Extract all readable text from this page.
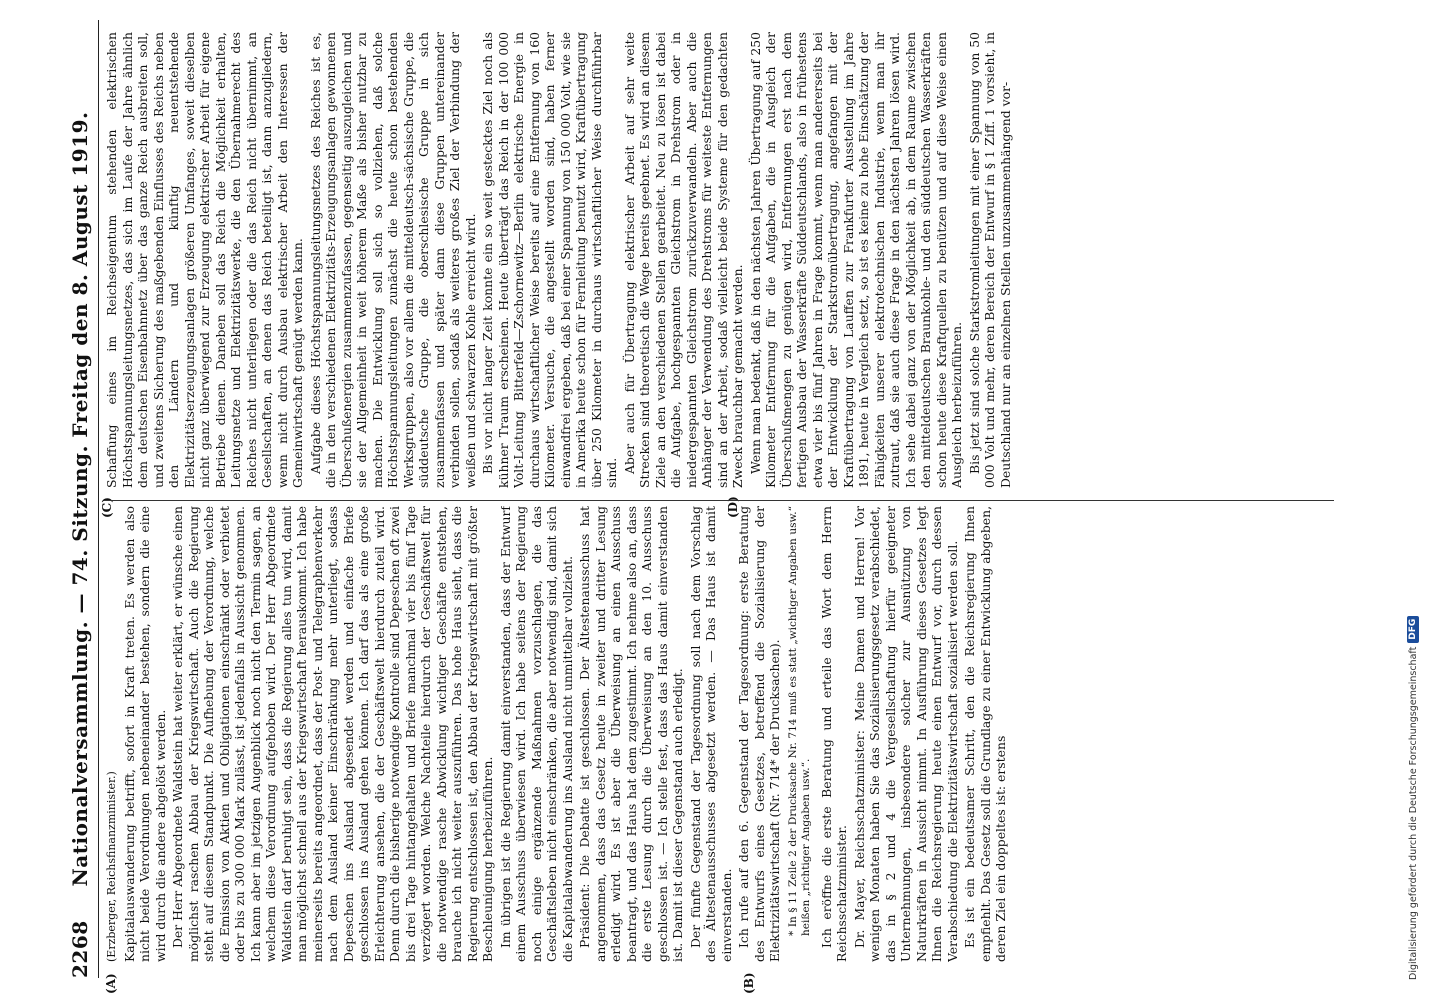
2268
Nationalversammlung. — 74. Sitzung. Freitag den 8. August 1919.
(A)	(B)
(C)	(D)

(Erzberger, Reichsfinanzminister.) Kapitalauswanderung betrifft, sofort in Kraft treten. Es werden also nicht beide Verordnungen nebeneinander bestehen, sondern die eine wird durch die andere abgelöst werden. Der Herr Abgeordnete Waldstein hat weiter erklärt, er wünsche einen möglichst raschen Abbau der Kriegswirtschaft. Auch die Regierung steht auf diesem Standpunkt. Die Aufhebung der Verordnung, welche die Emission von Aktien und Obligationen einschränkt oder verbietet oder bis zu 300 000 Mark zulässt, ist jedenfalls in Aussicht genommen. Ich kann aber im jetzigen Augenblick noch nicht den Termin sagen, an welchem diese Verordnung aufgehoben wird. Der Herr Abgeordnete Waldstein darf beruhigt sein, dass die Regierung alles tun wird, damit man möglichst schnell aus der Kriegswirtschaft herauskommt. Ich habe meinerseits bereits angeordnet, dass der Post- und Telegraphenverkehr nach dem Ausland keiner Einschränkung mehr unterliegt, sodass Depeschen ins Ausland abgesendet werden und einfache Briefe geschlossen ins Ausland gehen können. Ich darf das als eine große Erleichterung ansehen, die der Geschäftswelt hierdurch zuteil wird. Denn durch die bisherige notwendige Kontrolle sind Depeschen oft zwei bis drei Tage hintangehalten und Briefe manchmal vier bis fünf Tage verzögert worden. Welche Nachteile hierdurch der Geschäftswelt für die notwendige rasche Abwicklung wichtiger Geschäfte entstehen, brauche ich nicht weiter auszuführen. Das hohe Haus sieht, dass die Regierung entschlossen ist, den Abbau der Kriegswirtschaft mit größter Beschleunigung herbeizuführen. Im übrigen ist die Regierung damit einverstanden, dass der Entwurf einem Ausschuss überwiesen wird. Ich habe seitens der Regierung noch einige ergänzende Maßnahmen vorzuschlagen, die das Geschäftsleben nicht einschränken, die aber notwendig sind, damit sich die Kapitalabwanderung ins Ausland nicht unmittelbar vollzieht. Präsident: Die Debatte ist geschlossen. Der Ältestenausschuss hat angenommen, dass das Gesetz heute in zweiter und dritter Lesung erledigt wird. Es ist aber die Überweisung an einen Ausschuss beantragt, und das Haus hat dem zugestimmt. Ich nehme also an, dass die erste Lesung durch die Überweisung an den 10. Ausschuss geschlossen ist. — Ich stelle fest, dass das Haus damit einverstanden ist. Damit ist dieser Gegenstand auch erledigt. Der fünfte Gegenstand der Tagesordnung soll nach dem Vorschlag des Ältestenausschusses abgesetzt werden. — Das Haus ist damit einverstanden. Ich rufe auf den 6. Gegenstand der Tagesordnung: erste Beratung des Entwurfs eines Gesetzes, betreffend die Sozialisierung der Elektrizitätswirtschaft (Nr. 714* der Drucksachen). * In § 11 Zeile 2 der Drucksache Nr. 714 muß es statt „wichtiger Angaben usw.“ heißen „richtiger Angaben usw.“. Ich eröffne die erste Beratung und erteile das Wort dem Herrn Reichsschatzminister. Dr. Mayer, Reichsschatzminister: Meine Damen und Herren! Vor wenigen Monaten haben Sie das Sozialisierungsgesetz verabschiedet, das in § 2 und 4 die Vergesellschaftung hierfür geeigneter Unternehmungen, insbesondere solcher zur Ausnützung von Naturkräften in Aussicht nimmt. In Ausführung dieses Gesetzes legt Ihnen die Reichsregierung heute einen Entwurf vor, durch dessen Verabschiedung die Elektrizitätswirtschaft sozialisiert werden soll. Es ist ein bedeutsamer Schritt, den die Reichsregierung Ihnen empfiehlt. Das Gesetz soll die Grundlage zu einer Entwicklung abgeben, deren Ziel ein doppeltes ist: erstens

Schaffung eines im Reichseigentum stehenden elektrischen Höchstspannungsleitungsnetzes, das sich im Laufe der Jahre ähnlich dem deutschen Eisenbahnnetz über das ganze Reich ausbreiten soll, und zweitens Sicherung des maßgebenden Einflusses des Reichs neben den Ländern und künftig neuentstehende Elektrizitätserzeugungsanlagen größeren Umfanges, soweit dieselben nicht ganz überwiegend zur Erzeugung elektrischer Arbeit für eigene Betriebe dienen. Daneben soll das Reich die Möglichkeit erhalten, Leitungsnetze und Elektrizitätswerke, die den Übernahmerecht des Reiches nicht unterliegen oder die das Reich nicht übernimmt, an Gesellschaften, an denen das Reich beteiligt ist, dann anzugliedern, wenn nicht durch Ausbau elektrischer Arbeit den Interessen der Gemeinwirtschaft genügt werden kann. Aufgabe dieses Höchstspannungsleitungsnetzes des Reiches ist es, die in den verschiedenen Elektrizitäts-Erzeugungsanlagen gewonnenen Überschußenergien zusammenzufassen, gegenseitig auszugleichen und sie der Allgemeinheit in weit höherem Maße als bisher nutzbar zu machen. Die Entwicklung soll sich so vollziehen, daß solche Höchstspannungsleitungen zunächst die heute schon bestehenden Werksgruppen, also vor allem die mitteldeutsch-sächsische Gruppe, die süddeutsche Gruppe, die oberschlesische Gruppe in sich zusammenfassen und später dann diese Gruppen untereinander verbinden sollen, sodaß als weiteres großes Ziel der Verbindung der weißen und schwarzen Kohle erreicht wird. Bis vor nicht langer Zeit konnte ein so weit gestecktes Ziel noch als kühner Traum erscheinen. Heute überträgt das Reich in der 100 000 Volt-Leitung Bitterfeld—Zschornewitz—Berlin elektrische Energie in durchaus wirtschaftlicher Weise bereits auf eine Entfernung von 160 Kilometer. Versuche, die angestellt worden sind, haben ferner einwandfrei ergeben, daß bei einer Spannung von 150 000 Volt, wie sie in Amerika heute schon für Fernleitung benutzt wird, Kraftübertragung über 250 Kilometer in durchaus wirtschaftlicher Weise durchführbar sind. Aber auch für Übertragung elektrischer Arbeit auf sehr weite Strecken sind theoretisch die Wege bereits geebnet. Es wird an diesem Ziele an den verschiedenen Stellen gearbeitet. Neu zu lösen ist dabei die Aufgabe, hochgespannten Gleichstrom in Drehstrom oder in niedergespannten Gleichstrom zurückzuverwandeln. Aber auch die Anhänger der Verwendung des Drehstroms für weiteste Entfernungen sind an der Arbeit, sodaß vielleicht beide Systeme für den gedachten Zweck brauchbar gemacht werden. Wenn man bedenkt, daß in den nächsten Jahren Übertragung auf 250 Kilometer Entfernung für die Aufgaben, die in Ausgleich der Überschußmengen zu genügen wird, Entfernungen erst nach dem fertigen Ausbau der Wasserkräfte Süddeutschlands, also in frühestens etwa vier bis fünf Jahren in Frage kommt, wenn man andererseits bei der Entwicklung der Starkstromübertragung, angefangen mit der Kraftübertragung von Lauffen zur Frankfurter Ausstellung im Jahre 1891, heute in Vergleich setzt, so ist es keine zu hohe Einschätzung der Fähigkeiten unserer elektrotechnischen Industrie, wenn man ihr zutraut, daß sie auch diese Frage in den nächsten Jahren lösen wird. Ich sehe dabei ganz von der Möglichkeit ab, in dem Raume zwischen den mitteldeutschen Braunkohle- und den süddeutschen Wasserkräften schon heute diese Kraftquellen zu benützen und auf diese Weise einen Ausgleich herbeizuführen. Bis jetzt sind solche Starkstromleitungen mit einer Spannung von 50 000 Volt und mehr, deren Bereich der Entwurf in § 1 Ziff. 1 vorsieht, in Deutschland nur an einzelnen Stellen unzusammenhängend vor-

Digitalisierung gefördert durch die Deutsche Forschungsgemeinschaft
DFG
